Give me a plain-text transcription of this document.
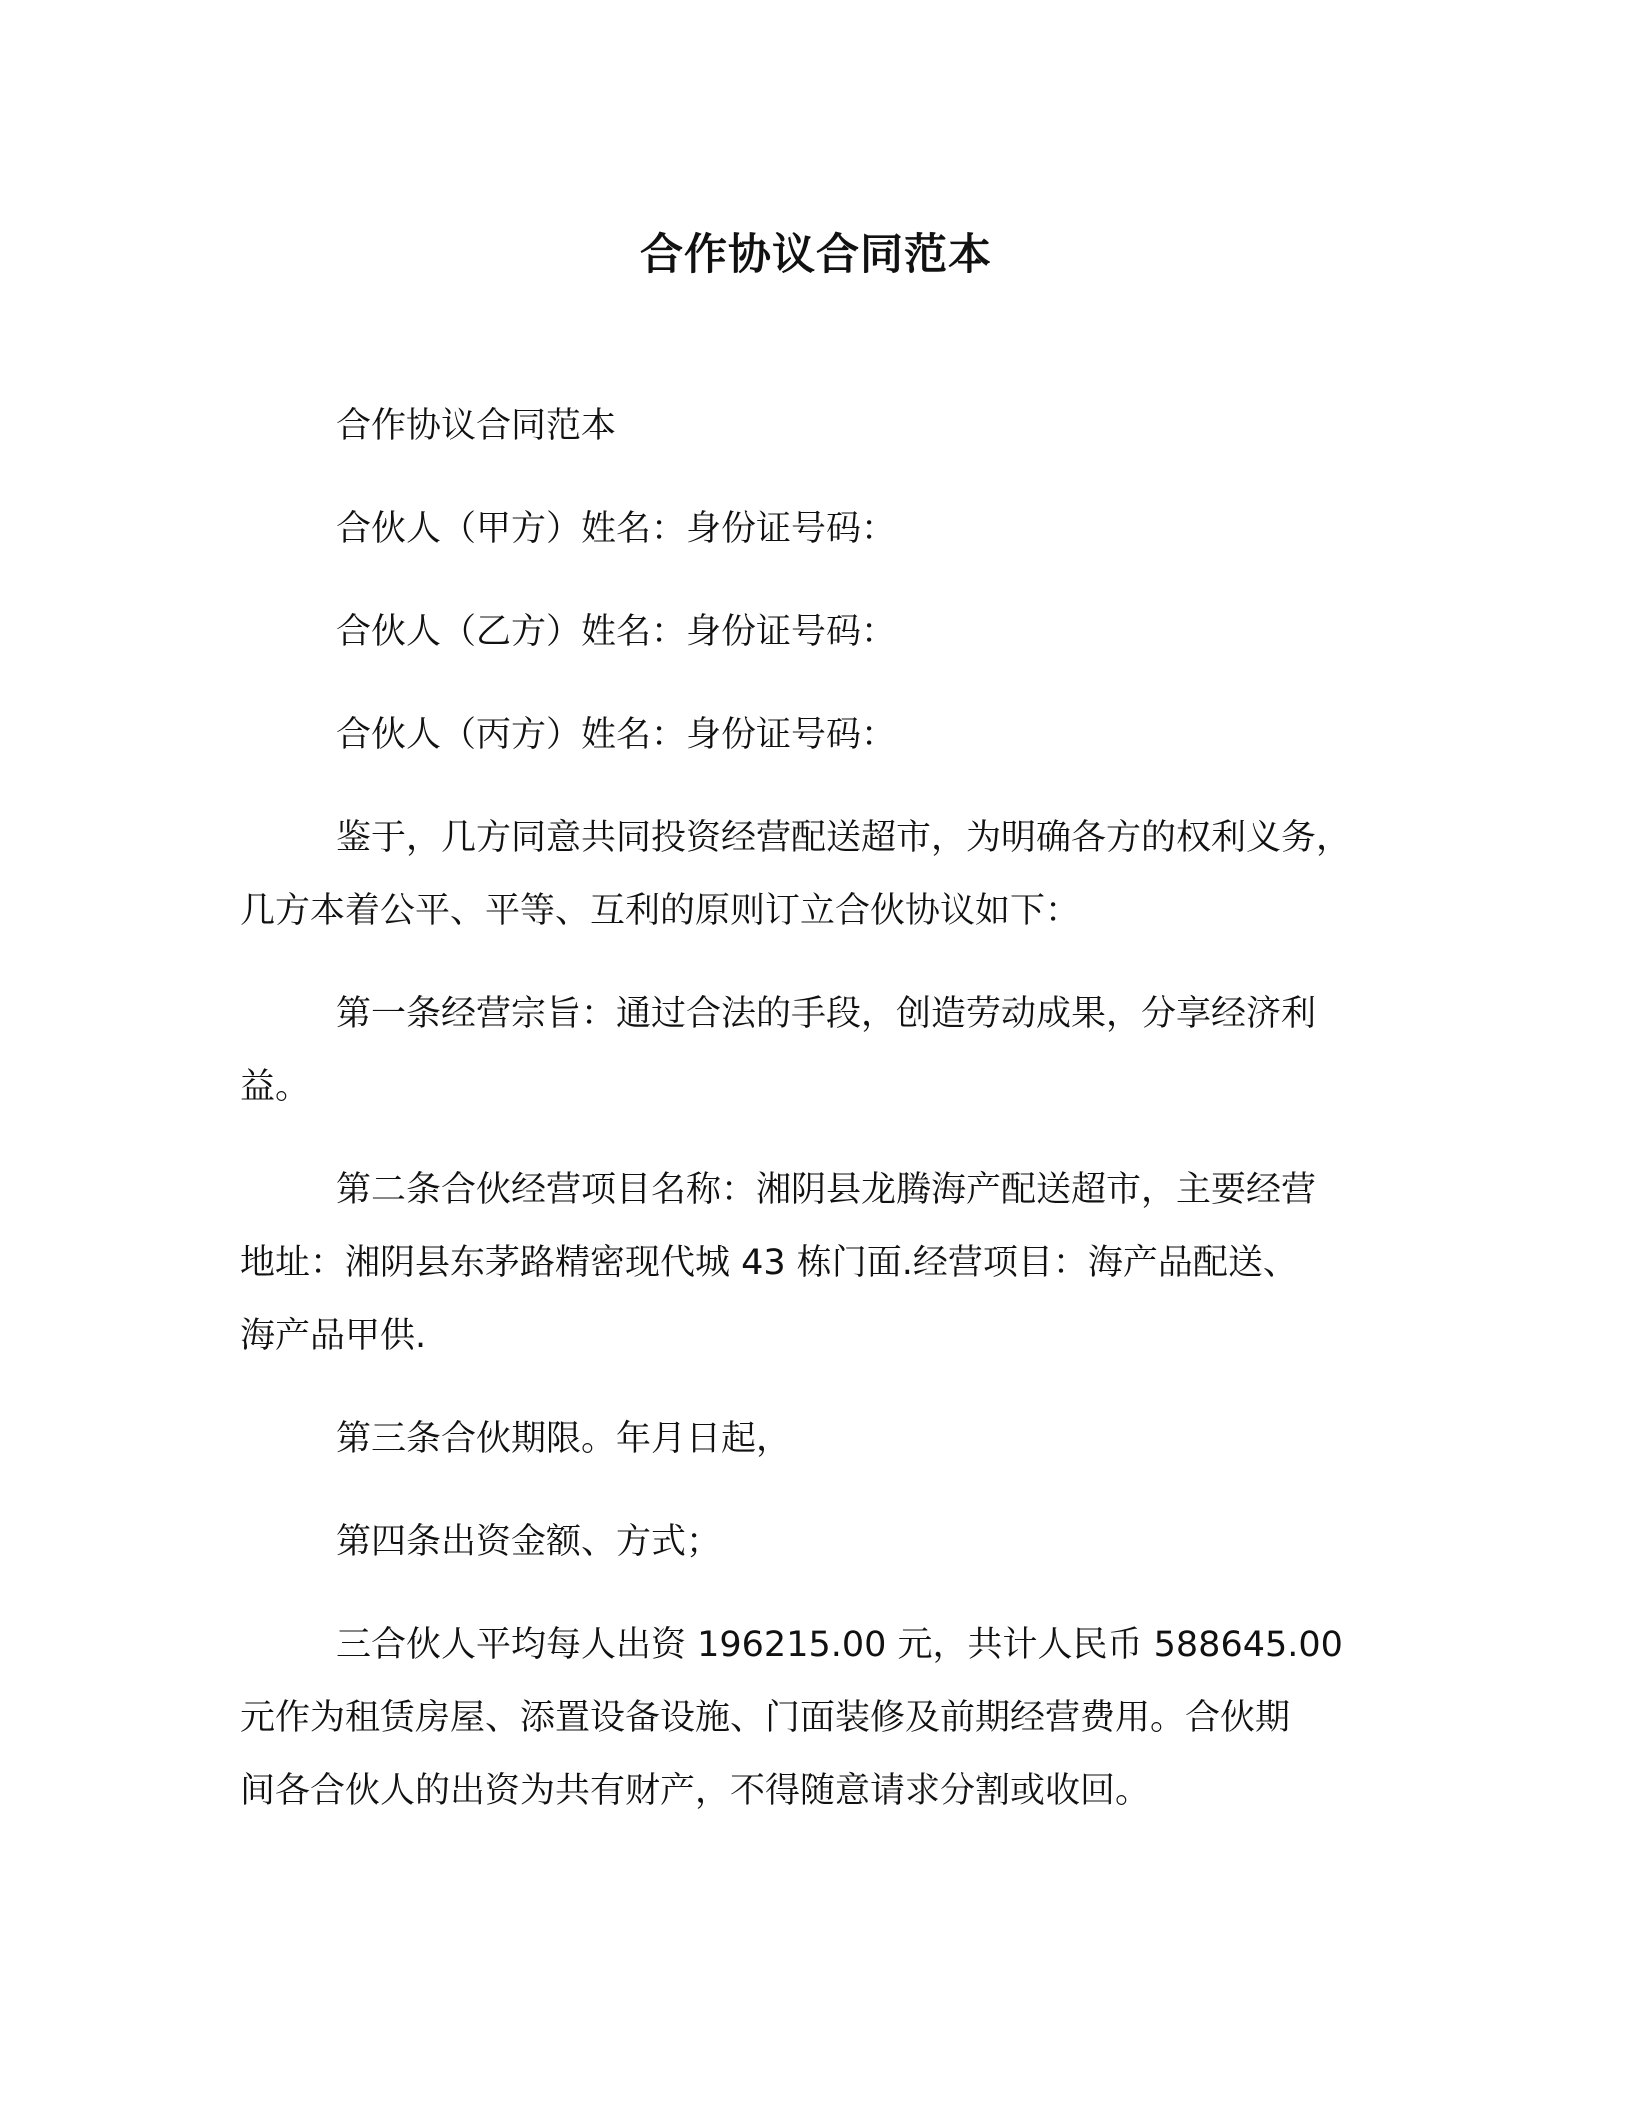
合作协议合同范本

合作协议合同范本

合伙人（甲方）姓名：身份证号码：

合伙人（乙方）姓名：身份证号码：

合伙人（丙方）姓名：身份证号码：

鉴于，几方同意共同投资经营配送超市，为明确各方的权利义务，
几方本着公平、平等、互利的原则订立合伙协议如下：

第一条经营宗旨：通过合法的手段，创造劳动成果，分享经济利
益。

第二条合伙经营项目名称：湘阴县龙腾海产配送超市，主要经营
地址：湘阴县东茅路精密现代城 43 栋门面.经营项目：海产品配送、
海产品甲供.

第三条合伙期限。年月日起，

第四条出资金额、方式；

三合伙人平均每人出资 196215.00 元，共计人民币 588645.00
元作为租赁房屋、添置设备设施、门面装修及前期经营费用。合伙期
间各合伙人的出资为共有财产，不得随意请求分割或收回。
